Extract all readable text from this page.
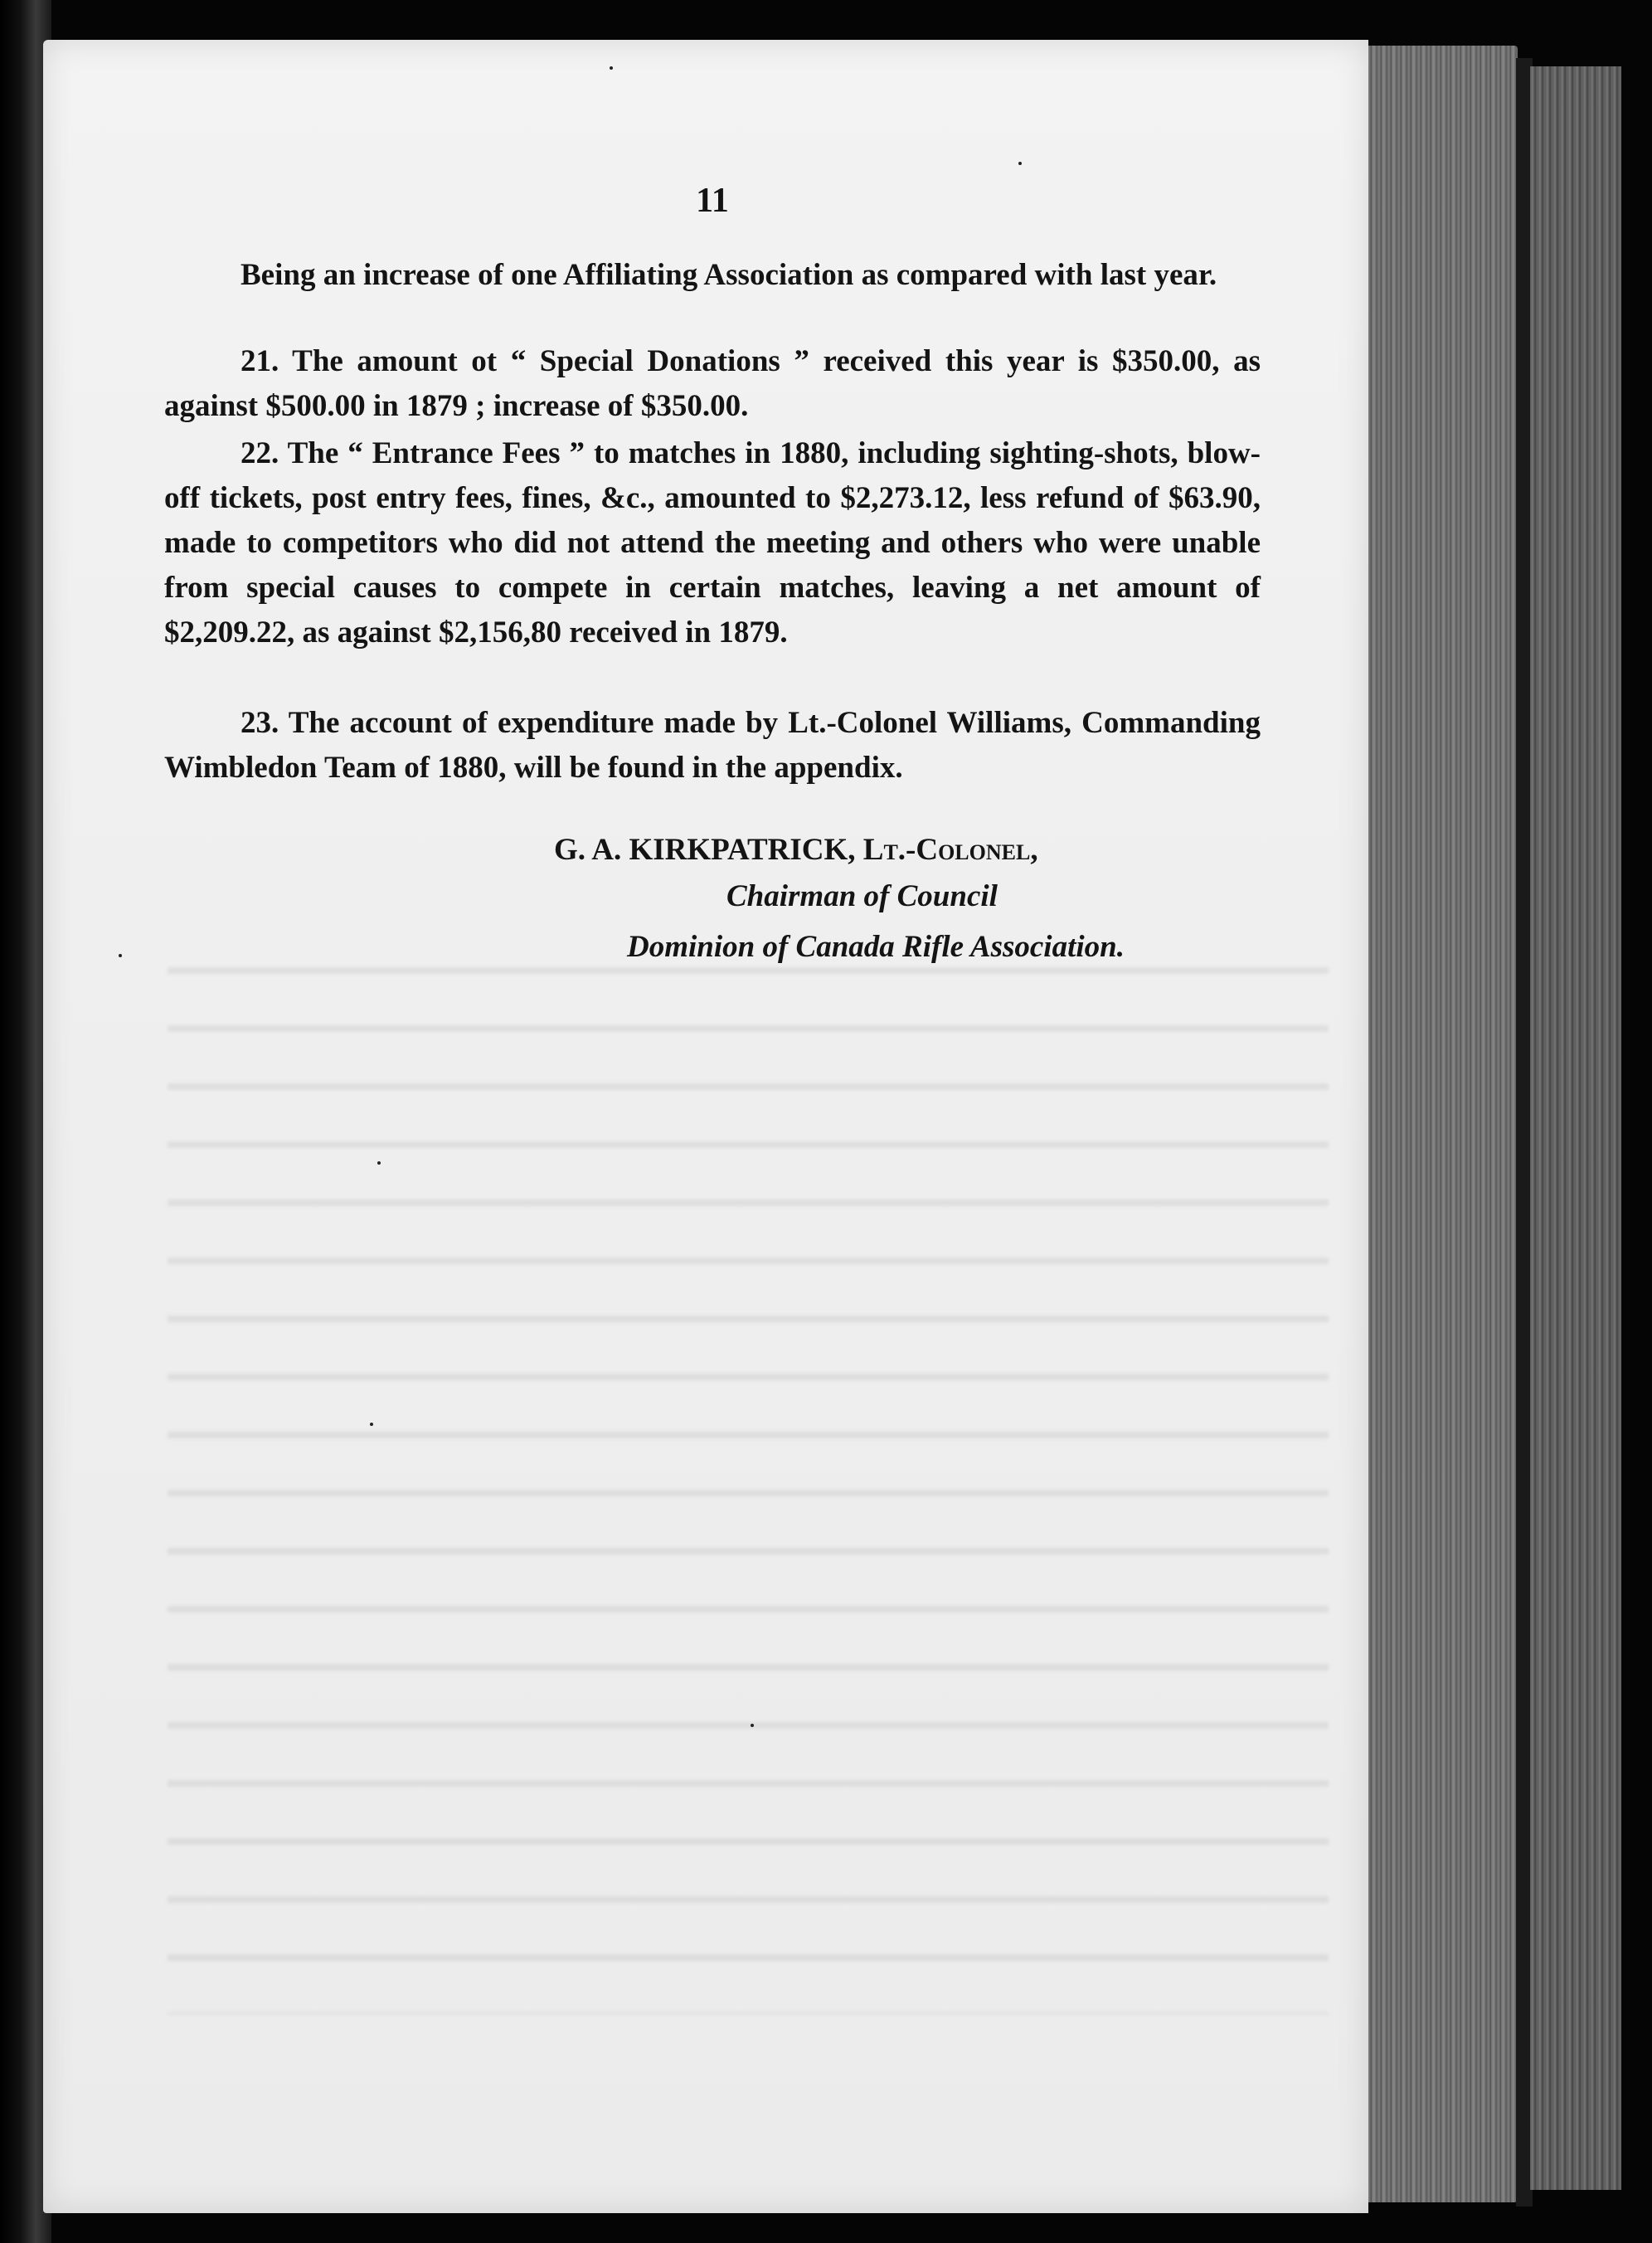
11

Being an increase of one Affiliating Association as compared with last year.

21. The amount ot “ Special Donations ” received this year is $350.00, as against $500.00 in 1879 ; increase of $350.00.

22. The “ Entrance Fees ” to matches in 1880, including sighting-shots, blow-off tickets, post entry fees, fines, &c., amounted to $2,273.12, less refund of $63.90, made to competitors who did not attend the meeting and others who were unable from special causes to compete in certain matches, leaving a net amount of $2,209.22, as against $2,156,80 received in 1879.

23. The account of expenditure made by Lt.-Colonel Williams, Commanding Wimbledon Team of 1880, will be found in the appendix.

G. A. KIRKPATRICK, Lt.-Colonel,

Chairman of Council

Dominion of Canada Rifle Association.
